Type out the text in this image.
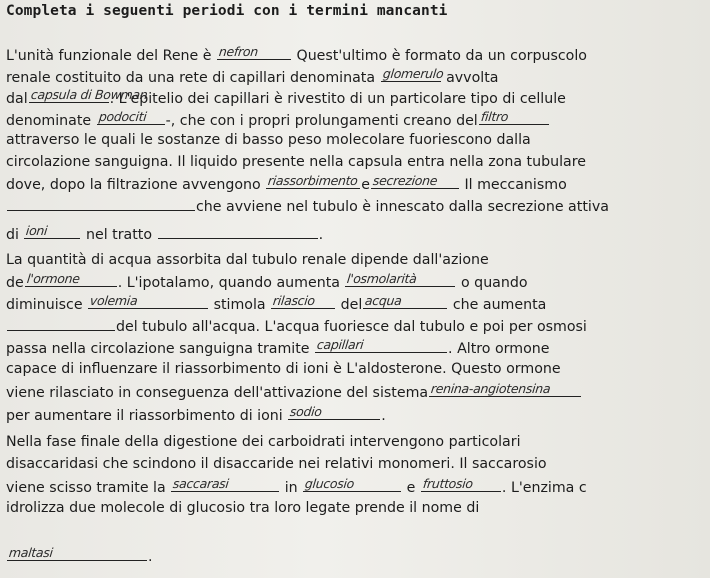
Completa i seguenti periodi con i termini mancanti
L'unità funzionale del Rene è nefron Quest'ultimo è formato da un corpuscolo
renale costituito da una rete di capillari denominata glomerulo
avvolta
dal capsula di Bowman
. L'epitelio dei capillari è rivestito di un particolare tipo di cellule
denominate podociti -, che con i propri prolungamenti creano del filtro
attraverso le quali le sostanze di basso peso molecolare fuoriescono dalla
circolazione sanguigna. Il liquido presente nella capsula entra nella zona tubulare
dove, dopo la filtrazione avvengono riassorbimento e secrezione Il meccanismo
che avviene nel tubulo è innescato dalla secrezione attiva
di ioni nel tratto	.
La quantità di acqua assorbita dal tubulo renale dipende dall'azione
de l'ormone	. L'ipotalamo, quando aumenta l'osmolarità	o quando
diminuisce volemia	stimola rilascio del acqua	che aumenta
del tubulo all'acqua. L'acqua fuoriesce dal tubulo e poi per osmosi
passa nella circolazione sanguigna tramite capillari	. Altro ormone
capace di influenzare il riassorbimento di ioni è L'aldosterone. Questo ormone
viene rilasciato in conseguenza dell'attivazione del sistema renina-angiotensina
per aumentare il riassorbimento di ioni sodio	.
Nella fase finale della digestione dei carboidrati intervengono particolari
disaccaridasi che scindono il disaccaride nei relativi monomeri. Il saccarosio
viene scisso tramite la saccarasi	in glucosio	e fruttosio . L'enzima c
idrolizza due molecole di glucosio tra loro legate prende il nome di
maltasi	.
